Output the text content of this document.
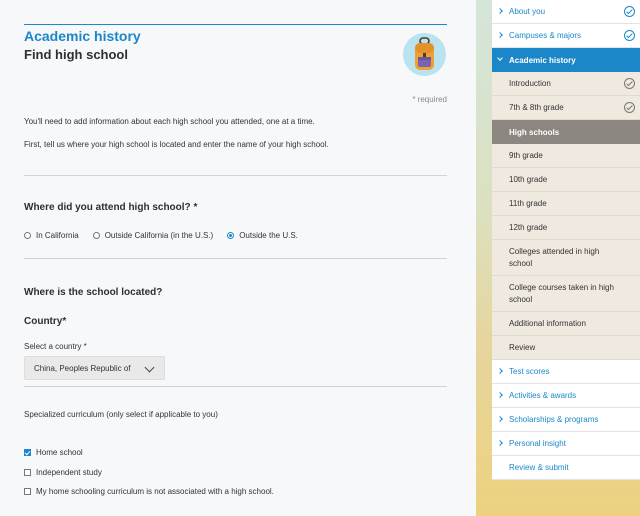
Academic history
Find high school
* required
You'll need to add information about each high school you attended, one at a time.
First, tell us where your high school is located and enter the name of your high school.
Where did you attend high school? *
In California	Outside California (in the U.S.)	Outside the U.S.
Where is the school located?
Country*
Select a country *
China, Peoples Republic of
Specialized curriculum (only select if applicable to you)
Home school
Independent study
My home schooling curriculum is not associated with a high school.
About you
Campuses & majors
Academic history
Introduction
7th & 8th grade
High schools
9th grade
10th grade
11th grade
12th grade
Colleges attended in high school
College courses taken in high school
Additional information
Review
Test scores
Activities & awards
Scholarships & programs
Personal insight
Review & submit
